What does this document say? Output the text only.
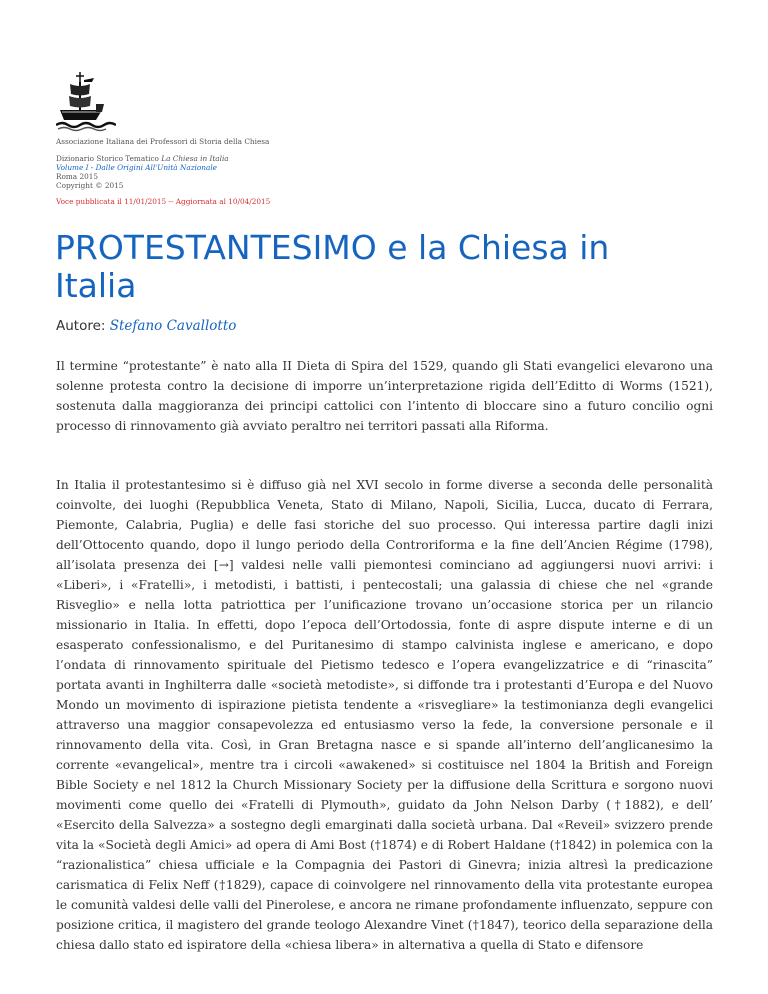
Associazione Italiana dei Professori di Storia della Chiesa
Dizionario Storico Tematico La Chiesa in Italia
Volume I - Dalle Origini All'Unità Nazionale
Roma 2015
Copyright © 2015
Voce pubblicata il 11/01/2015 -- Aggiornata al 10/04/2015
PROTESTANTESIMO e la Chiesa in Italia
Autore: Stefano Cavallotto

Il termine “protestante” è nato alla II Dieta di Spira del 1529, quando gli Stati evangelici elevarono una solenne protesta contro la decisione di imporre un’interpretazione rigida dell’Editto di Worms (1521), sostenuta dalla maggioranza dei principi cattolici con l’intento di bloccare sino a futuro concilio ogni processo di rinnovamento già avviato peraltro nei territori passati alla Riforma.

In Italia il protestantesimo si è diffuso già nel XVI secolo in forme diverse a seconda delle personalità coinvolte, dei luoghi (Repubblica Veneta, Stato di Milano, Napoli, Sicilia, Lucca, ducato di Ferrara, Piemonte, Calabria, Puglia) e delle fasi storiche del suo processo. Qui interessa partire dagli inizi dell’Ottocento quando, dopo il lungo periodo della Controriforma e la fine dell’Ancien Régime (1798), all’isolata presenza dei [→] valdesi nelle valli piemontesi cominciano ad aggiungersi nuovi arrivi: i «Liberi», i «Fratelli», i metodisti, i battisti, i pentecostali; una galassia di chiese che nel «grande Risveglio» e nella lotta patriottica per l’unificazione trovano un’occasione storica per un rilancio missionario in Italia. In effetti, dopo l’epoca dell’Ortodossia, fonte di aspre dispute interne e di un esasperato confessionalismo, e del Puritanesimo di stampo calvinista inglese e americano, e dopo l’ondata di rinnovamento spirituale del Pietismo tedesco e l’opera evangelizzatrice e di “rinascita” portata avanti in Inghilterra dalle «società metodiste», si diffonde tra i protestanti d’Europa e del Nuovo Mondo un movimento di ispirazione pietista tendente a «risvegliare» la testimonianza degli evangelici attraverso una maggior consapevolezza ed entusiasmo verso la fede, la conversione personale e il rinnovamento della vita. Così, in Gran Bretagna nasce e si spande all’interno dell’anglicanesimo la corrente «evangelical», mentre tra i circoli «awakened» si costituisce nel 1804 la British and Foreign Bible Society e nel 1812 la Church Missionary Society per la diffusione della Scrittura e sorgono nuovi movimenti come quello dei «Fratelli di Plymouth», guidato da John Nelson Darby (†1882), e dell’ «Esercito della Salvezza» a sostegno degli emarginati dalla società urbana. Dal «Reveil» svizzero prende vita la «Società degli Amici» ad opera di Ami Bost (†1874) e di Robert Haldane (†1842) in polemica con la “razionalistica” chiesa ufficiale e la Compagnia dei Pastori di Ginevra; inizia altresì la predicazione carismatica di Felix Neff (†1829), capace di coinvolgere nel rinnovamento della vita protestante europea le comunità valdesi delle valli del Pinerolese, e ancora ne rimane profondamente influenzato, seppure con posizione critica, il magistero del grande teologo Alexandre Vinet (†1847), teorico della separazione della chiesa dallo stato ed ispiratore della «chiesa libera» in alternativa a quella di Stato e difensore
